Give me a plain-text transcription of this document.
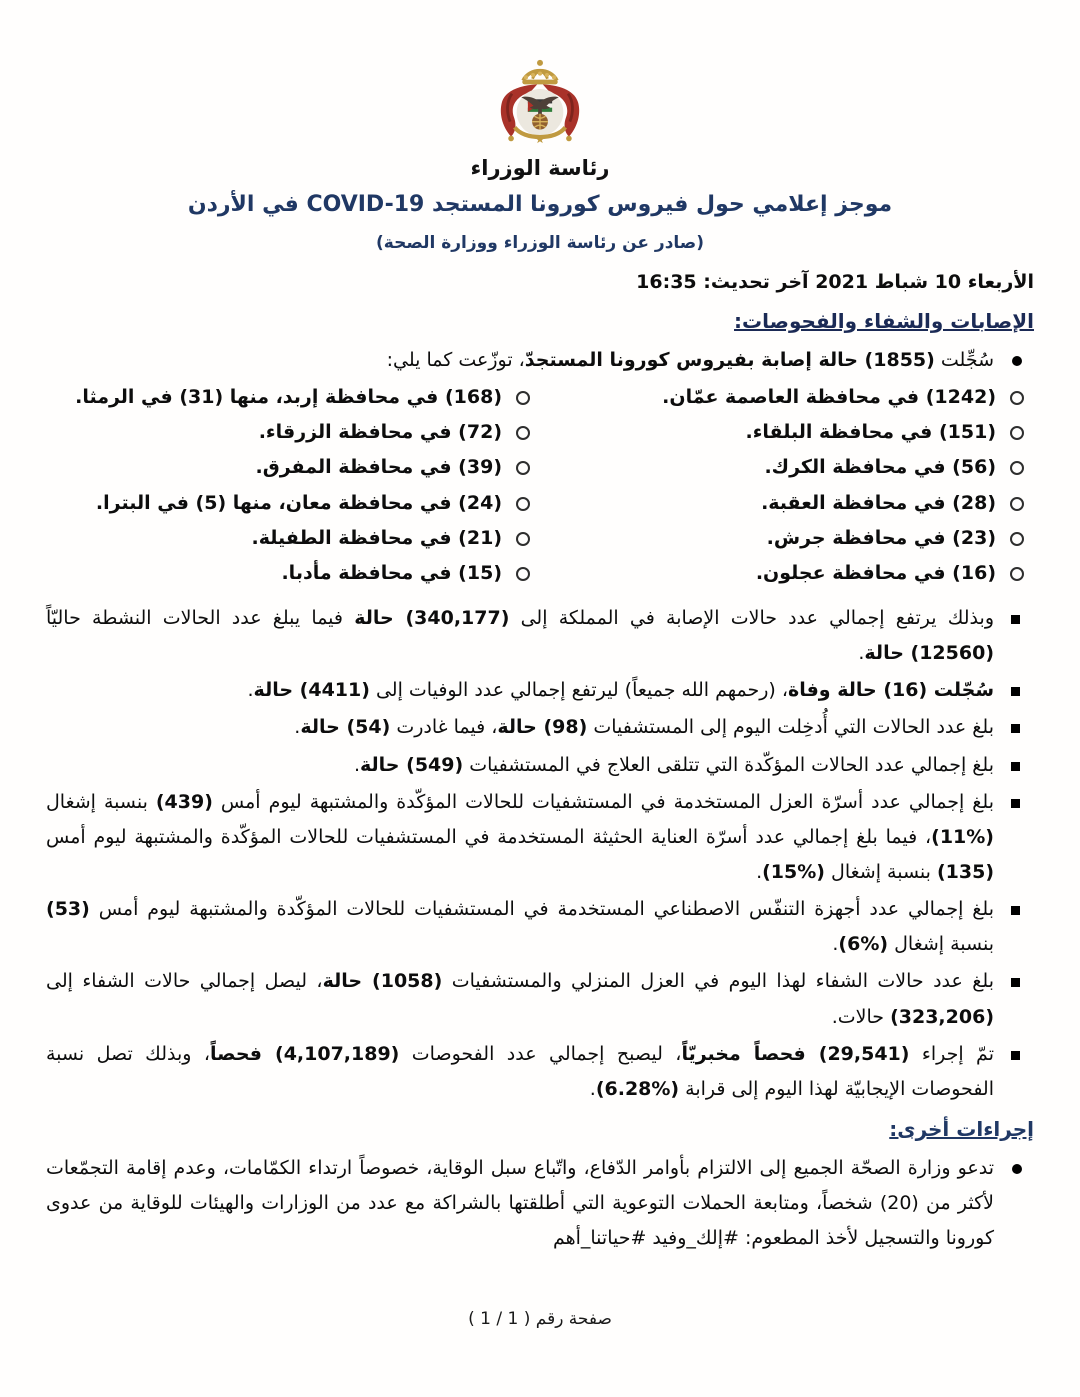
رئاسة الوزراء
موجز إعلامي حول فيروس كورونا المستجد COVID-19 في الأردن
(صادر عن رئاسة الوزراء ووزارة الصحة)
الأربعاء 10 شباط 2021 آخر تحديث: 16:35
الإصابات والشفاء والفحوصات:
سُجِّلت (1855) حالة إصابة بفيروس كورونا المستجدّ، توزّعت كما يلي:
(1242) في محافظة العاصمة عمّان.
(151) في محافظة البلقاء.
(56) في محافظة الكرك.
(28) في محافظة العقبة.
(23) في محافظة جرش.
(16) في محافظة عجلون.
(168) في محافظة إربد، منها (31) في الرمثا.
(72) في محافظة الزرقاء.
(39) في محافظة المفرق.
(24) في محافظة معان، منها (5) في البترا.
(21) في محافظة الطفيلة.
(15) في محافظة مأدبا.
وبذلك يرتفع إجمالي عدد حالات الإصابة في المملكة إلى (340,177) حالة فيما يبلغ عدد الحالات النشطة حاليّاً (12560) حالة.
سُجّلت (16) حالة وفاة، (رحمهم الله جميعاً) ليرتفع إجمالي عدد الوفيات إلى (4411) حالة.
بلغ عدد الحالات التي أُدخِلت اليوم إلى المستشفيات (98) حالة، فيما غادرت (54) حالة.
بلغ إجمالي عدد الحالات المؤكّدة التي تتلقى العلاج في المستشفيات (549) حالة.
بلغ إجمالي عدد أسرّة العزل المستخدمة في المستشفيات للحالات المؤكّدة والمشتبهة ليوم أمس (439) بنسبة إشغال (%11)، فيما بلغ إجمالي عدد أسرّة العناية الحثيثة المستخدمة في المستشفيات للحالات المؤكّدة والمشتبهة ليوم أمس (135) بنسبة إشغال (%15).
بلغ إجمالي عدد أجهزة التنفّس الاصطناعي المستخدمة في المستشفيات للحالات المؤكّدة والمشتبهة ليوم أمس (53) بنسبة إشغال (%6).
بلغ عدد حالات الشفاء لهذا اليوم في العزل المنزلي والمستشفيات (1058) حالة، ليصل إجمالي حالات الشفاء إلى (323,206) حالات.
تمّ إجراء (29,541) فحصاً مخبريّاً، ليصبح إجمالي عدد الفحوصات (4,107,189) فحصاً، وبذلك تصل نسبة الفحوصات الإيجابيّة لهذا اليوم إلى قرابة (%6.28).
إجراءات أخرى:
تدعو وزارة الصحّة الجميع إلى الالتزام بأوامر الدّفاع، واتّباع سبل الوقاية، خصوصاً ارتداء الكمّامات، وعدم إقامة التجمّعات لأكثر من (20) شخصاً، ومتابعة الحملات التوعوية التي أطلقتها بالشراكة مع عدد من الوزارات والهيئات للوقاية من عدوى كورونا والتسجيل لأخذ المطعوم: #إلك_وفيد #حياتنا_أهم
صفحة رقم ( 1 / 1 )
